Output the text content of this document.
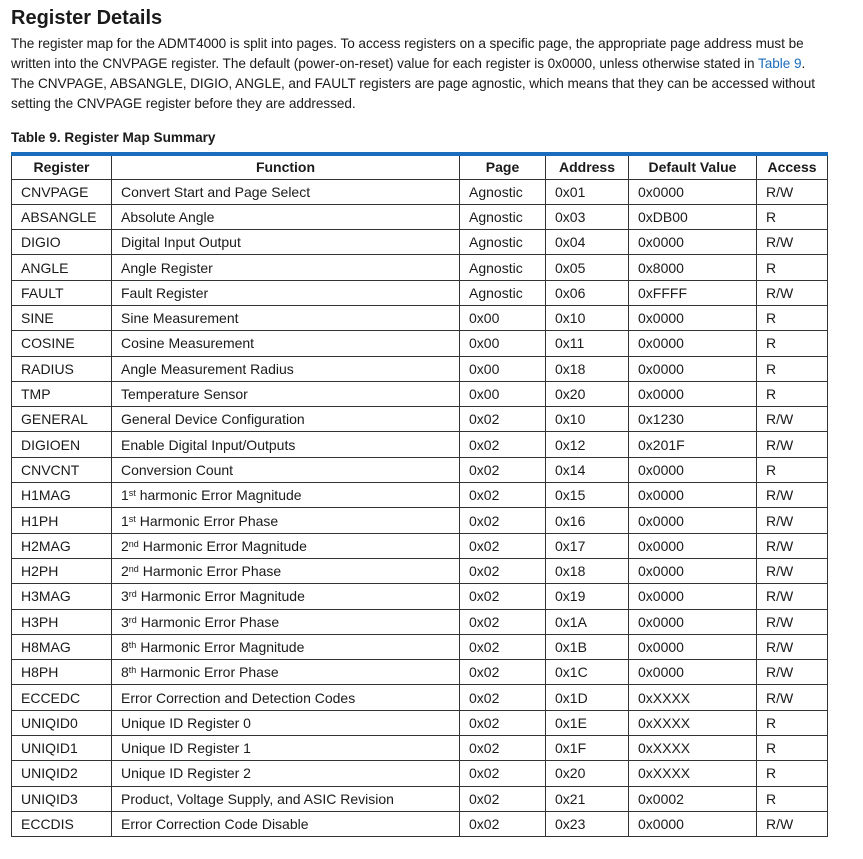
Register Details

The register map for the ADMT4000 is split into pages. To access registers on a specific page, the appropriate page address must be written into the CNVPAGE register. The default (power-on-reset) value for each register is 0x0000, unless otherwise stated in Table 9. The CNVPAGE, ABSANGLE, DIGIO, ANGLE, and FAULT registers are page agnostic, which means that they can be accessed without setting the CNVPAGE register before they are addressed.

Table 9. Register Map Summary
Register	Function	Page	Address	Default Value	Access
CNVPAGE	Convert Start and Page Select	Agnostic	0x01	0x0000	R/W
ABSANGLE	Absolute Angle	Agnostic	0x03	0xDB00	R
DIGIO	Digital Input Output	Agnostic	0x04	0x0000	R/W
ANGLE	Angle Register	Agnostic	0x05	0x8000	R
FAULT	Fault Register	Agnostic	0x06	0xFFFF	R/W
SINE	Sine Measurement	0x00	0x10	0x0000	R
COSINE	Cosine Measurement	0x00	0x11	0x0000	R
RADIUS	Angle Measurement Radius	0x00	0x18	0x0000	R
TMP	Temperature Sensor	0x00	0x20	0x0000	R
GENERAL	General Device Configuration	0x02	0x10	0x1230	R/W
DIGIOEN	Enable Digital Input/Outputs	0x02	0x12	0x201F	R/W
CNVCNT	Conversion Count	0x02	0x14	0x0000	R
H1MAG	1st harmonic Error Magnitude	0x02	0x15	0x0000	R/W
H1PH	1st Harmonic Error Phase	0x02	0x16	0x0000	R/W
H2MAG	2nd Harmonic Error Magnitude	0x02	0x17	0x0000	R/W
H2PH	2nd Harmonic Error Phase	0x02	0x18	0x0000	R/W
H3MAG	3rd Harmonic Error Magnitude	0x02	0x19	0x0000	R/W
H3PH	3rd Harmonic Error Phase	0x02	0x1A	0x0000	R/W
H8MAG	8th Harmonic Error Magnitude	0x02	0x1B	0x0000	R/W
H8PH	8th Harmonic Error Phase	0x02	0x1C	0x0000	R/W
ECCEDC	Error Correction and Detection Codes	0x02	0x1D	0xXXXX	R/W
UNIQID0	Unique ID Register 0	0x02	0x1E	0xXXXX	R
UNIQID1	Unique ID Register 1	0x02	0x1F	0xXXXX	R
UNIQID2	Unique ID Register 2	0x02	0x20	0xXXXX	R
UNIQID3	Product, Voltage Supply, and ASIC Revision	0x02	0x21	0x0002	R
ECCDIS	Error Correction Code Disable	0x02	0x23	0x0000	R/W
